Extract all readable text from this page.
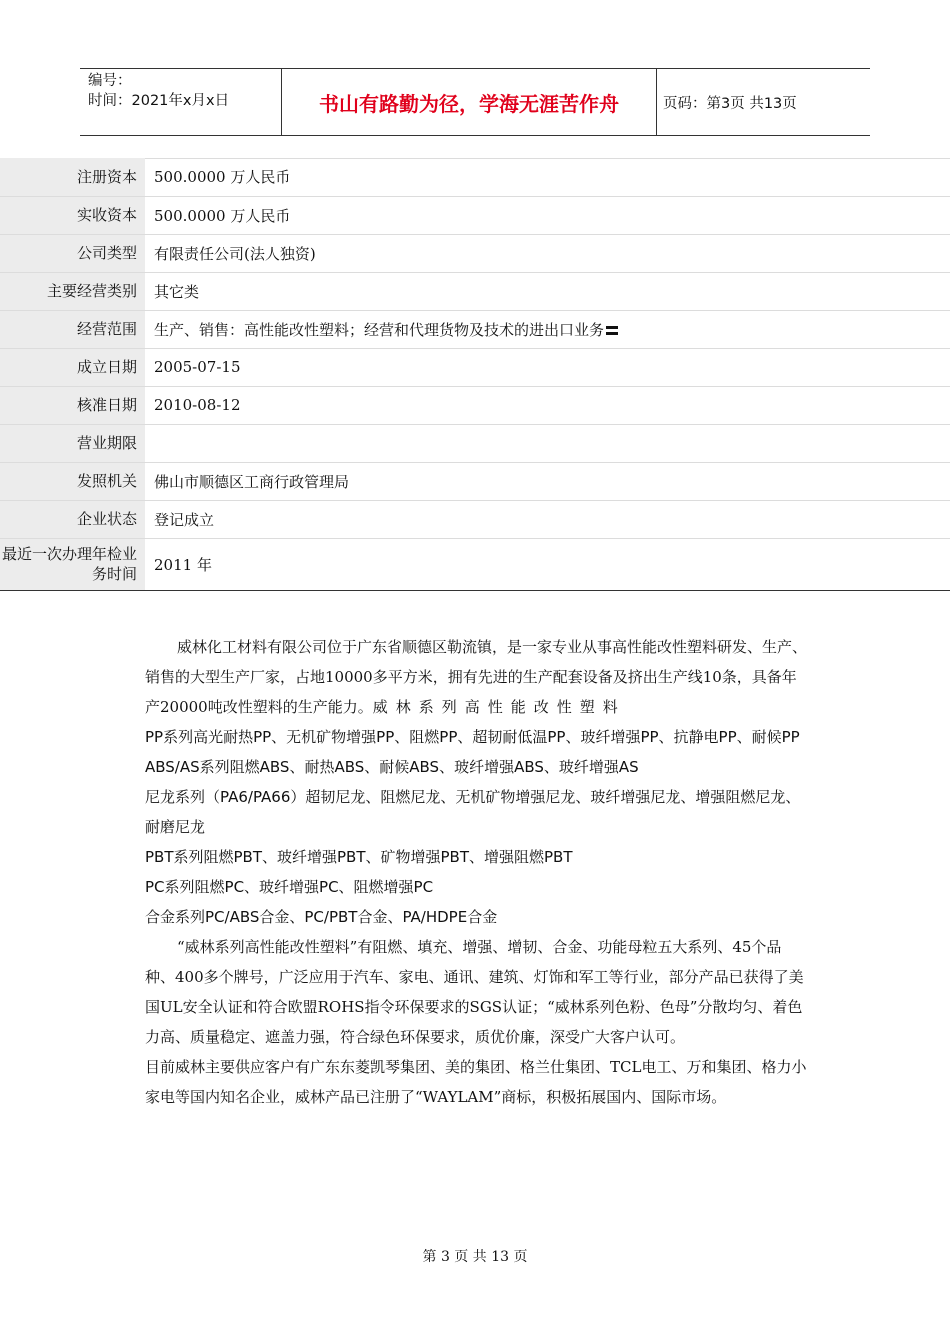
编号：
时间：2021年x月x日	书山有路勤为径，学海无涯苦作舟	页码：第3页 共13页
注册资本	500.0000 万人民币
实收资本	500.0000 万人民币
公司类型	有限责任公司(法人独资)
主要经营类别	其它类
经营范围	生产、销售：高性能改性塑料；经营和代理货物及技术的进出口业务
成立日期	2005-07-15
核准日期	2010-08-12
营业期限	
发照机关	佛山市顺德区工商行政管理局
企业状态	登记成立
最近一次办理年检业务时间	2011 年

威林化工材料有限公司位于广东省顺德区勒流镇，是一家专业从事高性能改性塑料研发、生产、销售的大型生产厂家，占地10000多平方米，拥有先进的生产配套设备及挤出生产线10条，具备年产20000吨改性塑料的生产能力。威林系列高性能改性塑料

PP系列高光耐热PP、无机矿物增强PP、阻燃PP、超韧耐低温PP、玻纤增强PP、抗静电PP、耐候PP

ABS/AS系列阻燃ABS、耐热ABS、耐候ABS、玻纤增强ABS、玻纤增强AS

尼龙系列（PA6/PA66）超韧尼龙、阻燃尼龙、无机矿物增强尼龙、玻纤增强尼龙、增强阻燃尼龙、耐磨尼龙

PBT系列阻燃PBT、玻纤增强PBT、矿物增强PBT、增强阻燃PBT

PC系列阻燃PC、玻纤增强PC、阻燃增强PC

合金系列PC/ABS合金、PC/PBT合金、PA/HDPE合金

“威林系列高性能改性塑料”有阻燃、填充、增强、增韧、合金、功能母粒五大系列、45个品种、400多个牌号，广泛应用于汽车、家电、通讯、建筑、灯饰和军工等行业，部分产品已获得了美国UL安全认证和符合欧盟ROHS指令环保要求的SGS认证；“威林系列色粉、色母”分散均匀、着色力高、质量稳定、遮盖力强，符合绿色环保要求，质优价廉，深受广大客户认可。

目前威林主要供应客户有广东东菱凯琴集团、美的集团、格兰仕集团、TCL电工、万和集团、格力小家电等国内知名企业，威林产品已注册了“WAYLAM”商标，积极拓展国内、国际市场。

第 3 页 共 13 页
